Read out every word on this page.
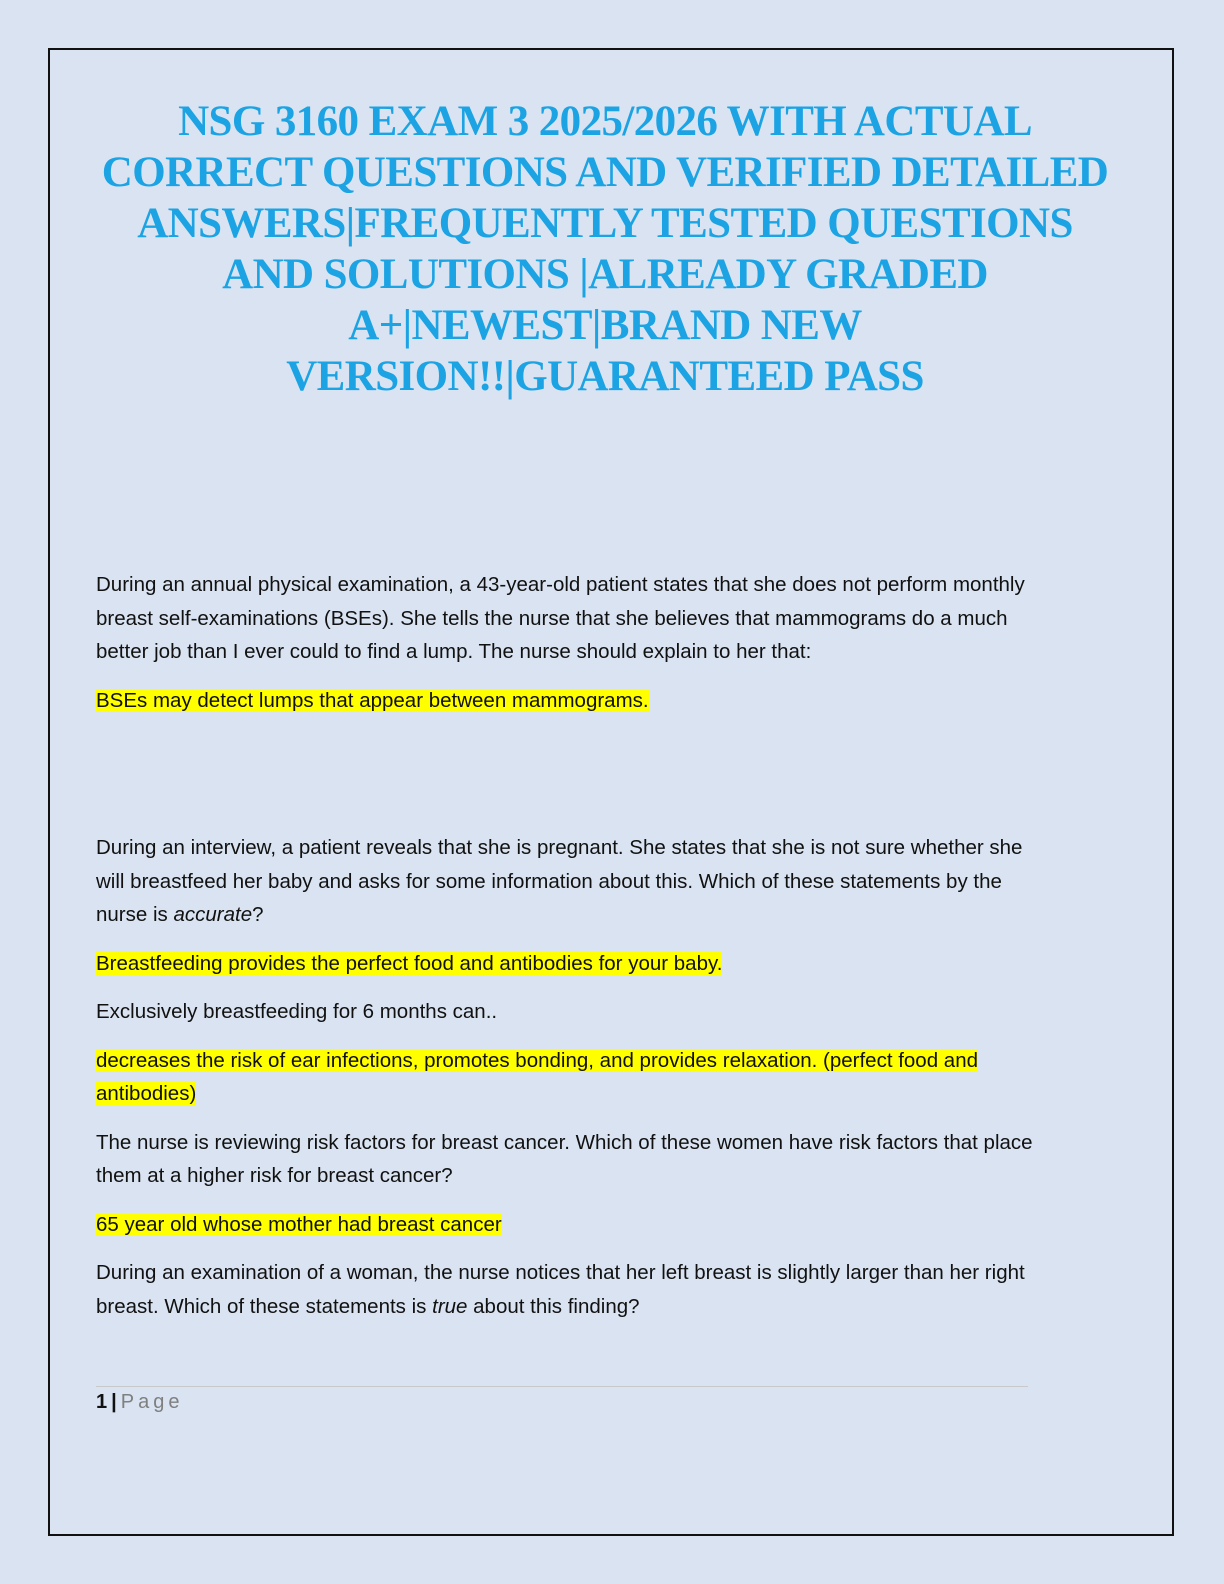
NSG 3160 EXAM 3 2025/2026 WITH ACTUAL CORRECT QUESTIONS AND VERIFIED DETAILED ANSWERS|FREQUENTLY TESTED QUESTIONS AND SOLUTIONS |ALREADY GRADED A+|NEWEST|BRAND NEW VERSION!!|GUARANTEED PASS

During an annual physical examination, a 43-year-old patient states that she does not perform monthly breast self-examinations (BSEs). She tells the nurse that she believes that mammograms do a much better job than I ever could to find a lump. The nurse should explain to her that:

BSEs may detect lumps that appear between mammograms.

During an interview, a patient reveals that she is pregnant. She states that she is not sure whether she will breastfeed her baby and asks for some information about this. Which of these statements by the nurse is accurate?

Breastfeeding provides the perfect food and antibodies for your baby.

Exclusively breastfeeding for 6 months can..

decreases the risk of ear infections, promotes bonding, and provides relaxation. (perfect food and antibodies)

The nurse is reviewing risk factors for breast cancer. Which of these women have risk factors that place them at a higher risk for breast cancer?

65 year old whose mother had breast cancer

During an examination of a woman, the nurse notices that her left breast is slightly larger than her right breast. Which of these statements is true about this finding?

1 | Page
